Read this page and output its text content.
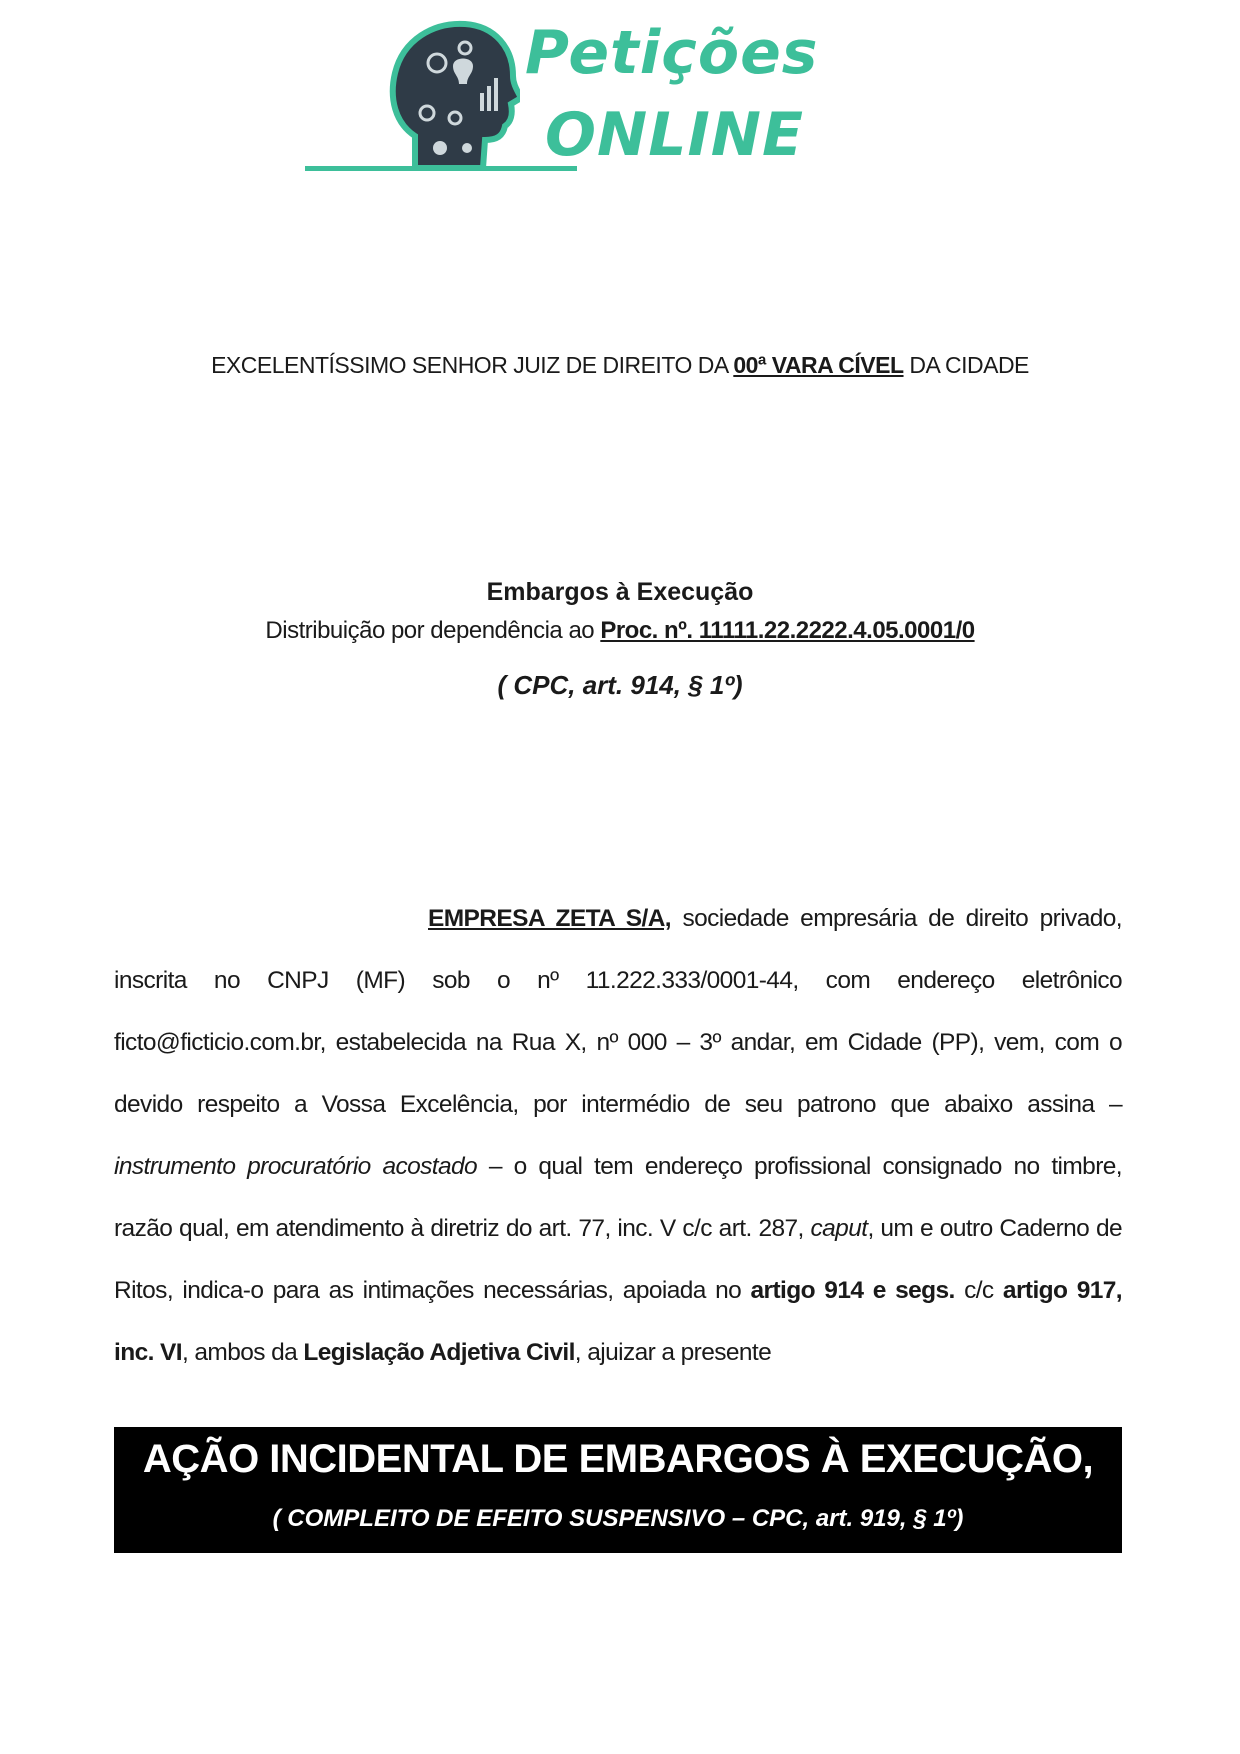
Petições
ONLINE
EXCELENTÍSSIMO SENHOR JUIZ DE DIREITO DA 00ª VARA CÍVEL DA CIDADE
Embargos à Execução
Distribuição por dependência ao Proc. nº. 11111.22.2222.4.05.0001/0
( CPC, art. 914, § 1º)
EMPRESA ZETA S/A, sociedade empresária de direito privado, inscrita no CNPJ (MF) sob o nº 11.222.333/0001-44, com endereço eletrônico ficto@ficticio.com.br, estabelecida na Rua X, nº 000 – 3º andar, em Cidade (PP), vem, com o devido respeito a Vossa Excelência, por intermédio de seu patrono que abaixo assina – instrumento procuratório acostado – o qual tem endereço profissional consignado no timbre, razão qual, em atendimento à diretriz do art. 77, inc. V c/c art. 287, caput, um e outro Caderno de Ritos, indica-o para as intimações necessárias, apoiada no artigo 914 e segs. c/c artigo 917, inc. VI, ambos da Legislação Adjetiva Civil, ajuizar a presente
AÇÃO INCIDENTAL DE EMBARGOS À EXECUÇÃO,
( COMPLEITO DE EFEITO SUSPENSIVO – CPC, art. 919, § 1º)
